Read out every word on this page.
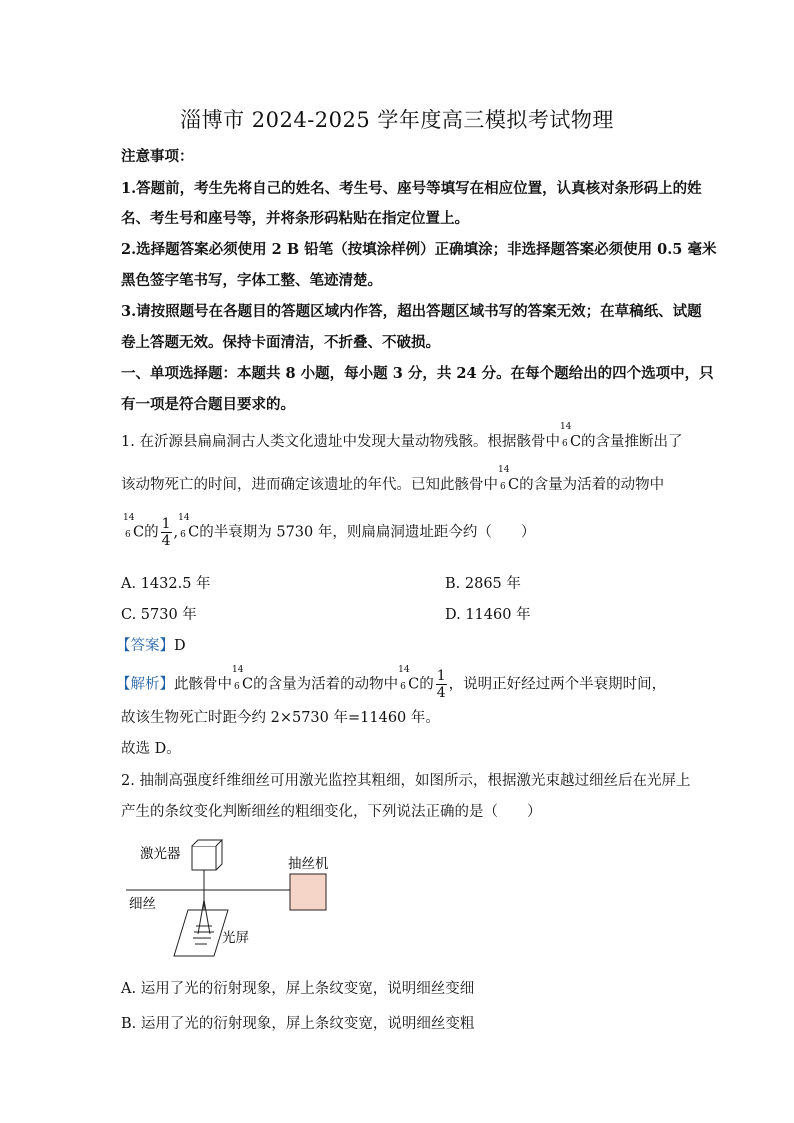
淄博市 2024-2025 学年度高三模拟考试物理
注意事项：
1.答题前，考生先将自己的姓名、考生号、座号等填写在相应位置，认真核对条形码上的姓
名、考生号和座号等，并将条形码粘贴在指定位置上。
2.选择题答案必须使用 2 B 铅笔（按填涂样例）正确填涂；非选择题答案必须使用 0.5 毫米
黑色签字笔书写，字体工整、笔迹清楚。
3.请按照题号在各题目的答题区域内作答，超出答题区域书写的答案无效；在草稿纸、试题
卷上答题无效。保持卡面清洁，不折叠、不破损。
一、单项选择题：本题共 8 小题，每小题 3 分，共 24 分。在每个题给出的四个选项中，只
有一项是符合题目要求的。
1. 在沂源县扁扁洞古人类文化遗址中发现大量动物残骸。根据骸骨中
14
6 C的含量推断出了
该动物死亡的时间，进而确定该遗址的年代。已知此骸骨中
14
6 C的含量为活着的动物中
14
6 C的 $\frac{1}{4}$ ,
14
6 C的半衰期为 5730 年，则扁扁洞遗址距今约（　　）
A. 1432.5 年	B. 2865 年
C. 5730 年	D. 11460 年
【答案】D
【解析】此骸骨中
14
6 C的含量为活着的动物中
14
6 C的 $\frac{1}{4}$ ，说明正好经过两个半衰期时间，
故该生物死亡时距今约 2×5730 年=11460 年。
故选 D。
2. 抽制高强度纤维细丝可用激光监控其粗细，如图所示，根据激光束越过细丝后在光屏上
产生的条纹变化判断细丝的粗细变化，下列说法正确的是（　　）
激光器
细丝
抽丝机
光屏
A. 运用了光的衍射现象，屏上条纹变宽，说明细丝变细
B. 运用了光的衍射现象，屏上条纹变宽，说明细丝变粗
